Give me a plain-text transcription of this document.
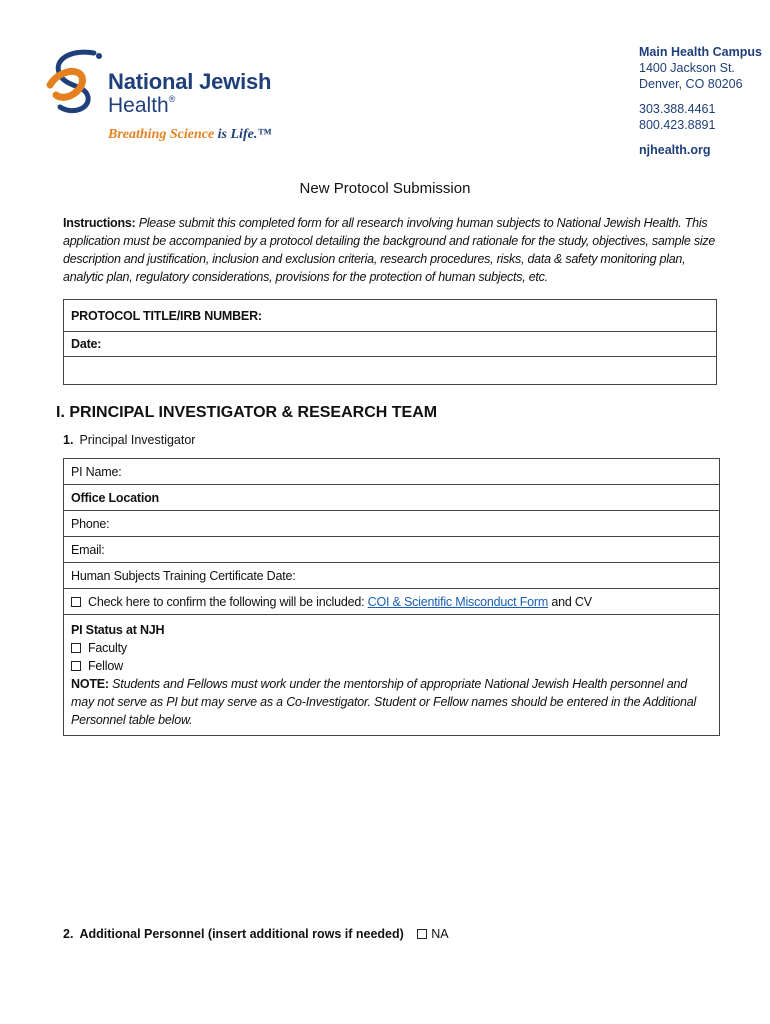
National Jewish
Health®
Breathing Science is Life.™
Main Health Campus
1400 Jackson St.
Denver, CO 80206
303.388.4461
800.423.8891
njhealth.org
New Protocol Submission
Instructions: Please submit this completed form for all research involving human subjects to National Jewish Health. This application must be accompanied by a protocol detailing the background and rationale for the study, objectives, sample size description and justification, inclusion and exclusion criteria, research procedures, risks, data & safety monitoring plan, analytic plan, regulatory considerations, provisions for the protection of human subjects, etc.
PROTOCOL TITLE/IRB NUMBER:
Date:

I. PRINCIPAL INVESTIGATOR & RESEARCH TEAM
1. Principal Investigator
PI Name:
Office Location
Phone:
Email:
Human Subjects Training Certificate Date:
Check here to confirm the following will be included: COI & Scientific Misconduct Form and CV

PI Status at NJH
Faculty
Fellow
NOTE: Students and Fellows must work under the mentorship of appropriate National Jewish Health personnel and may not serve as PI but may serve as a Co-Investigator. Student or Fellow names should be entered in the Additional Personnel table below.
2. Additional Personnel (insert additional rows if needed) NA
